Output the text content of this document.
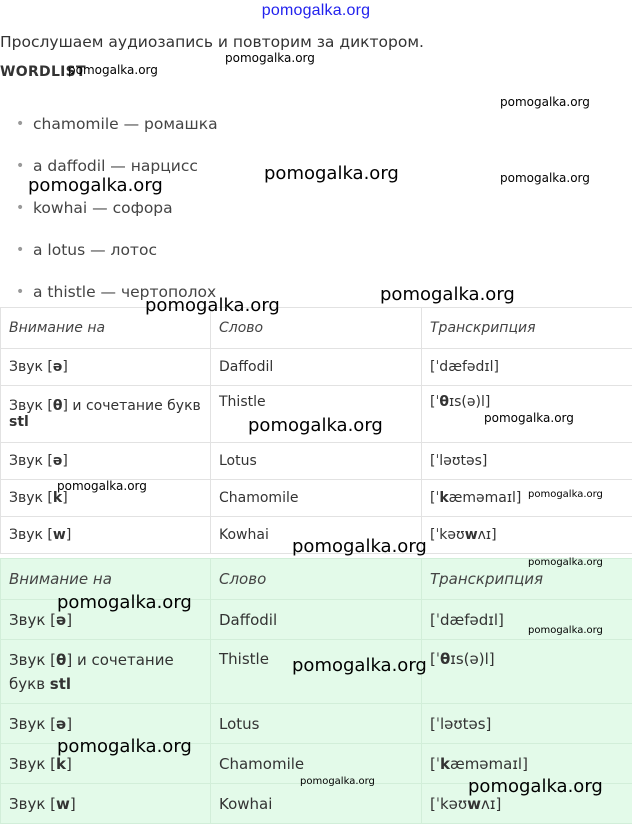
pomogalka.org
Прослушаем аудиозапись и повторим за диктором.
WORDLIST
• chamomile — ромашка
• a daffodil — нарцисс
• kowhai — софора
• a lotus — лотос
• a thistle — чертополох
Внимание на	Слово	Транскрипция
Звук [ə]	Daffodil	[ˈdæfədɪl]
Звук [θ] и сочетание букв stl	Thistle	[ˈθɪs(ə)l]
Звук [ə]	Lotus	[ˈləʊtəs]
Звук [k]	Chamomile	[ˈkæməmaɪl]
Звук [w]	Kowhai	[ˈkəʊwʌɪ]
Внимание на	Слово	Транскрипция
Звук [ə]	Daffodil	[ˈdæfədɪl]
Звук [θ] и сочетание букв stl	Thistle	[ˈθɪs(ə)l]
Звук [ə]	Lotus	[ˈləʊtəs]
Звук [k]	Chamomile	[ˈkæməmaɪl]
Звук [w]	Kowhai	[ˈkəʊwʌɪ]
pomogalka.org
pomogalka.org
pomogalka.org
pomogalka.org
pomogalka.org	pomogalka.org
pomogalka.org
pomogalka.org
pomogalka.org	pomogalka.org
pomogalka.org
pomogalka.org
pomogalka.org
pomogalka.org
pomogalka.org
pomogalka.org
pomogalka.org
pomogalka.org
pomogalka.org	pomogalka.org
